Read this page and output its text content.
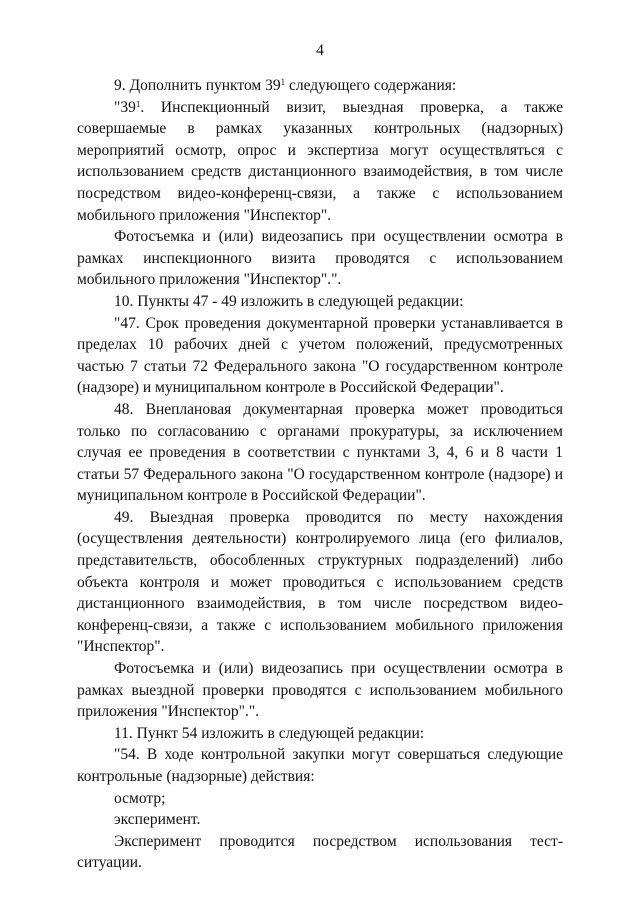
4

9. Дополнить пунктом $39^1$ следующего содержания:

"$39^1$. Инспекционный визит, выездная проверка, а также совершаемые в рамках указанных контрольных (надзорных) мероприятий осмотр, опрос и экспертиза могут осуществляться с использованием средств дистанционного взаимодействия, в том числе посредством видео-конференц-связи, а также с использованием мобильного приложения "Инспектор".

Фотосъемка и (или) видеозапись при осуществлении осмотра в рамках инспекционного визита проводятся с использованием мобильного приложения "Инспектор".".

10. Пункты 47 - 49 изложить в следующей редакции:

"47. Срок проведения документарной проверки устанавливается в пределах 10 рабочих дней с учетом положений, предусмотренных частью 7 статьи 72 Федерального закона "О государственном контроле (надзоре) и муниципальном контроле в Российской Федерации".

48. Внеплановая документарная проверка может проводиться только по согласованию с органами прокуратуры, за исключением случая ее проведения в соответствии с пунктами 3, 4, 6 и 8 части 1 статьи 57 Федерального закона "О государственном контроле (надзоре) и муниципальном контроле в Российской Федерации".

49. Выездная проверка проводится по месту нахождения (осуществления деятельности) контролируемого лица (его филиалов, представительств, обособленных структурных подразделений) либо объекта контроля и может проводиться с использованием средств дистанционного взаимодействия, в том числе посредством видео-конференц-связи, а также с использованием мобильного приложения "Инспектор".

Фотосъемка и (или) видеозапись при осуществлении осмотра в рамках выездной проверки проводятся с использованием мобильного приложения "Инспектор".".

11. Пункт 54 изложить в следующей редакции:

"54. В ходе контрольной закупки могут совершаться следующие контрольные (надзорные) действия:

осмотр;

эксперимент.

Эксперимент проводится посредством использования тест-ситуации.
